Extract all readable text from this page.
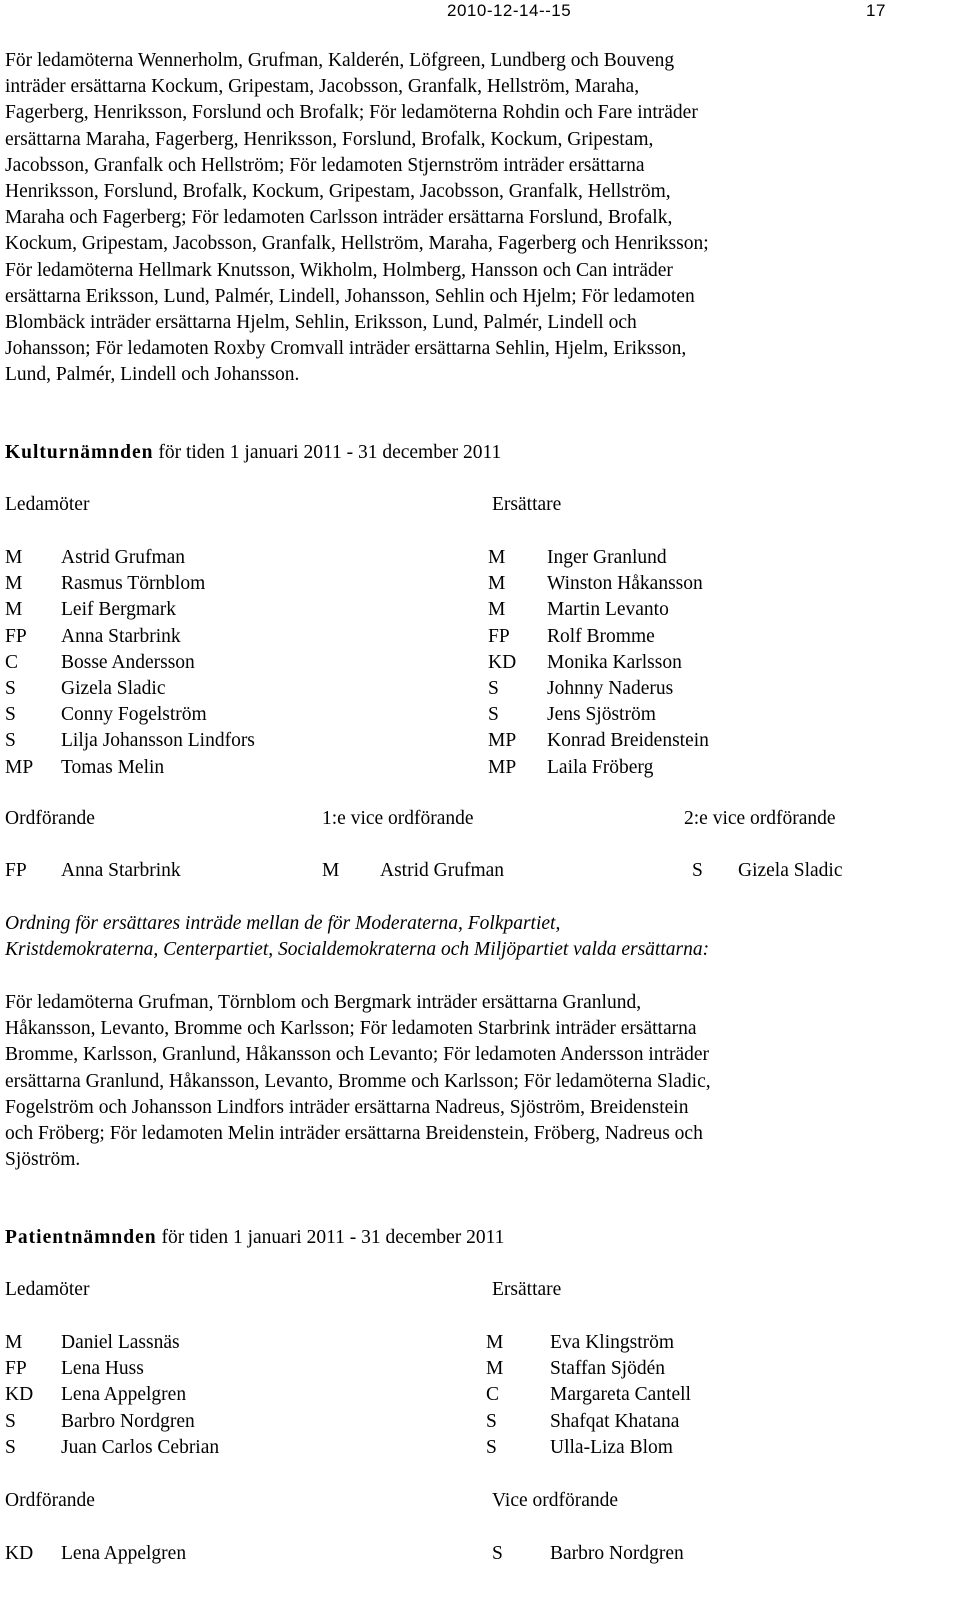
2010-12-14--15	17
För ledamöterna Wennerholm, Grufman, Kalderén, Löfgreen, Lundberg och Bouveng
inträder ersättarna Kockum, Gripestam, Jacobsson, Granfalk, Hellström, Maraha,
Fagerberg, Henriksson, Forslund och Brofalk; För ledamöterna Rohdin och Fare inträder
ersättarna Maraha, Fagerberg, Henriksson, Forslund, Brofalk, Kockum, Gripestam,
Jacobsson, Granfalk och Hellström; För ledamoten Stjernström inträder ersättarna
Henriksson, Forslund, Brofalk, Kockum, Gripestam, Jacobsson, Granfalk, Hellström,
Maraha och Fagerberg; För ledamoten Carlsson inträder ersättarna Forslund, Brofalk,
Kockum, Gripestam, Jacobsson, Granfalk, Hellström, Maraha, Fagerberg och Henriksson;
För ledamöterna Hellmark Knutsson, Wikholm, Holmberg, Hansson och Can inträder
ersättarna Eriksson, Lund, Palmér, Lindell, Johansson, Sehlin och Hjelm; För ledamoten
Blombäck inträder ersättarna Hjelm, Sehlin, Eriksson, Lund, Palmér, Lindell och
Johansson; För ledamoten Roxby Cromvall inträder ersättarna Sehlin, Hjelm, Eriksson,
Lund, Palmér, Lindell och Johansson.
Kulturnämnden för tiden 1 januari 2011 - 31 december 2011
Ledamöter	Ersättare
M Astrid Grufman	M Inger Granlund
M Rasmus Törnblom	M Winston Håkansson
M Leif Bergmark	M Martin Levanto
FP Anna Starbrink	FP Rolf Bromme
C Bosse Andersson	KD Monika Karlsson
S Gizela Sladic	S Johnny Naderus
S Conny Fogelström	S Jens Sjöström
S Lilja Johansson Lindfors	MP Konrad Breidenstein
MP Tomas Melin	MP Laila Fröberg
Ordförande	1:e vice ordförande	2:e vice ordförande
FP Anna Starbrink	M Astrid Grufman	S Gizela Sladic
Ordning för ersättares inträde mellan de för Moderaterna, Folkpartiet,
Kristdemokraterna, Centerpartiet, Socialdemokraterna och Miljöpartiet valda ersättarna:
För ledamöterna Grufman, Törnblom och Bergmark inträder ersättarna Granlund,
Håkansson, Levanto, Bromme och Karlsson; För ledamoten Starbrink inträder ersättarna
Bromme, Karlsson, Granlund, Håkansson och Levanto; För ledamoten Andersson inträder
ersättarna Granlund, Håkansson, Levanto, Bromme och Karlsson; För ledamöterna Sladic,
Fogelström och Johansson Lindfors inträder ersättarna Nadreus, Sjöström, Breidenstein
och Fröberg; För ledamoten Melin inträder ersättarna Breidenstein, Fröberg, Nadreus och
Sjöström.
Patientnämnden för tiden 1 januari 2011 - 31 december 2011
Ledamöter	Ersättare
M Daniel Lassnäs	M Eva Klingström
FP Lena Huss	M Staffan Sjödén
KD Lena Appelgren	C	Margareta Cantell
S Barbro Nordgren	S	Shafqat Khatana
S Juan Carlos Cebrian	S	Ulla-Liza Blom
Ordförande	Vice ordförande
KD Lena Appelgren	S Barbro Nordgren
